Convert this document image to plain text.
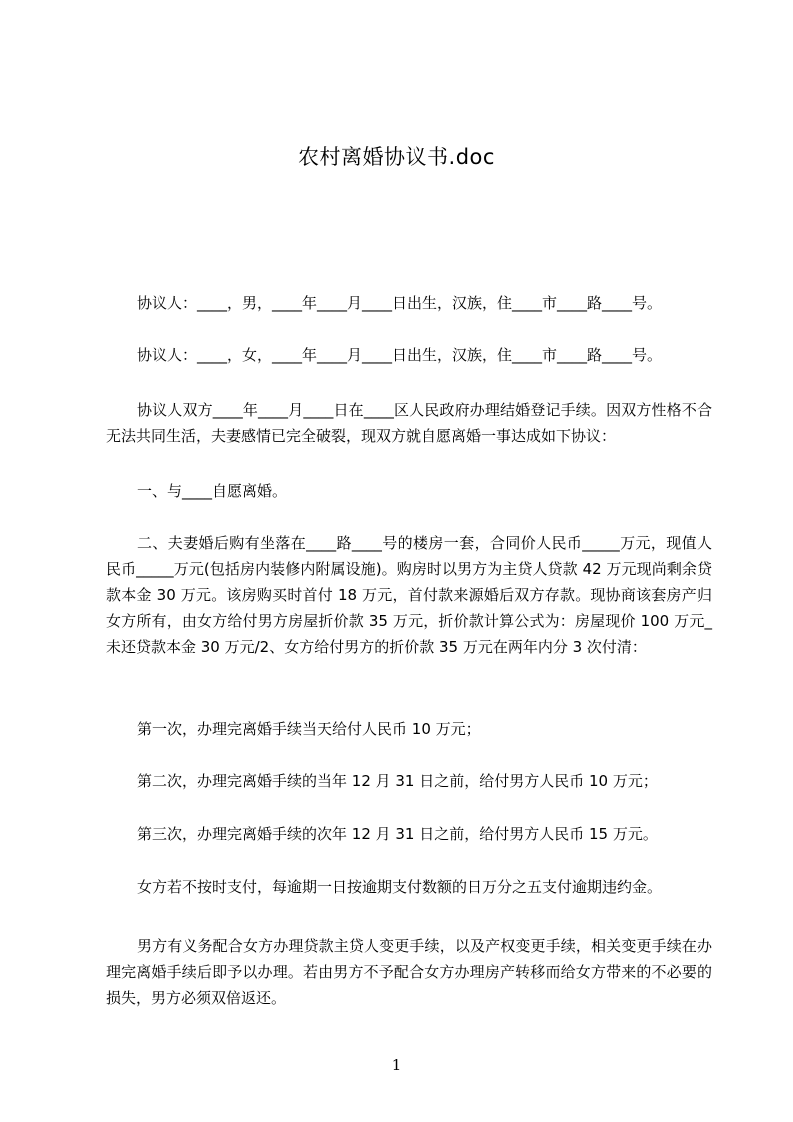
农村离婚协议书.doc
协议人：____，男，____年____月____日出生，汉族，住____市____路____号。
协议人：____，女，____年____月____日出生，汉族，住____市____路____号。
协议人双方____年____月____日在____区人民政府办理结婚登记手续。因双方性格不合无法共同生活，夫妻感情已完全破裂，现双方就自愿离婚一事达成如下协议：
一、与____自愿离婚。
二、夫妻婚后购有坐落在____路____号的楼房一套，合同价人民币_____万元，现值人民币_____万元(包括房内装修内附属设施)。购房时以男方为主贷人贷款 42 万元现尚剩余贷款本金 30 万元。该房购买时首付 18 万元，首付款来源婚后双方存款。现协商该套房产归女方所有，由女方给付男方房屋折价款 35 万元，折价款计算公式为：房屋现价 100 万元_未还贷款本金 30 万元/2、女方给付男方的折价款 35 万元在两年内分 3 次付清：
第一次，办理完离婚手续当天给付人民币 10 万元；
第二次，办理完离婚手续的当年 12 月 31 日之前，给付男方人民币 10 万元；
第三次，办理完离婚手续的次年 12 月 31 日之前，给付男方人民币 15 万元。
女方若不按时支付，每逾期一日按逾期支付数额的日万分之五支付逾期违约金。
男方有义务配合女方办理贷款主贷人变更手续，以及产权变更手续，相关变更手续在办理完离婚手续后即予以办理。若由男方不予配合女方办理房产转移而给女方带来的不必要的损失，男方必须双倍返还。
1
